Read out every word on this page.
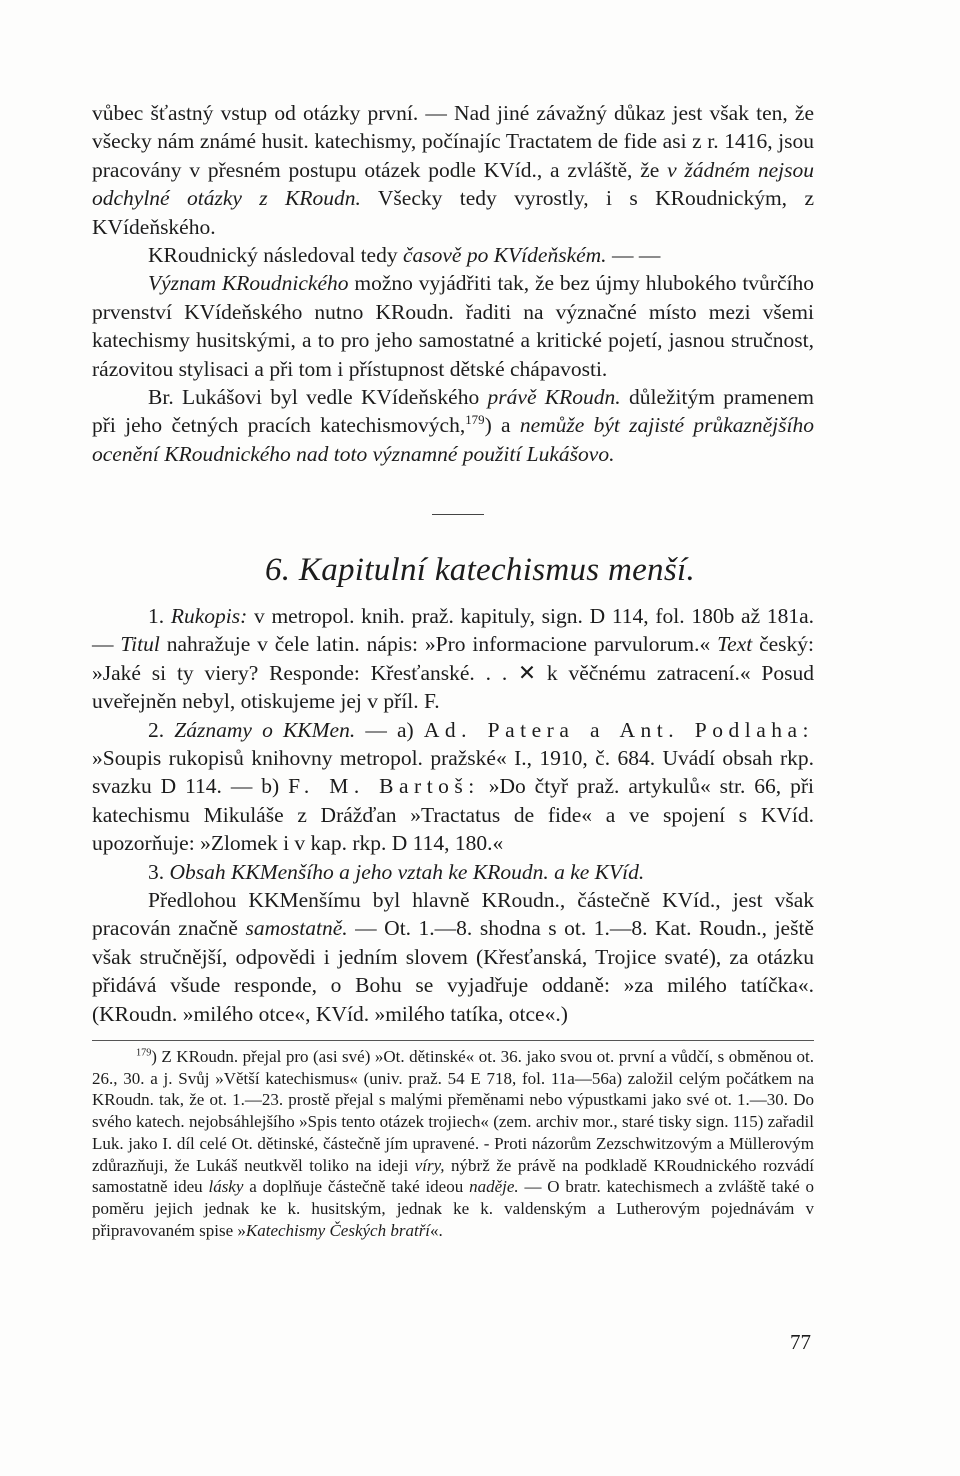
vůbec šťastný vstup od otázky první. — Nad jiné závažný důkaz jest však ten, že všecky nám známé husit. katechismy, počínajíc Tractatem de fide asi z r. 1416, jsou pracovány v přesném postupu otázek podle KVíd., a zvláště, že v žádném nejsou odchylné otázky z KRoudn. Všecky tedy vyrostly, i s KRoudnickým, z KVídeňského.

KRoudnický následoval tedy časově po KVídeňském. — —

Význam KRoudnického možno vyjádřiti tak, že bez újmy hlubokého tvůrčího prvenství KVídeňského nutno KRoudn. řaditi na význačné místo mezi všemi katechismy husitskými, a to pro jeho samostatné a kritické pojetí, jasnou stručnost, rázovitou stylisaci a při tom i přístupnost dětské chápavosti.

Br. Lukášovi byl vedle KVídeňského právě KRoudn. důležitým pramenem při jeho četných pracích katechismových,$^{179}$) a nemůže být zajisté průkaznějšího ocenění KRoudnického nad toto významné použití Lukášovo.

6. Kapitulní katechismus menší.

1. Rukopis: v metropol. knih. praž. kapituly, sign. D 114, fol. 180b až 181a. — Titul nahražuje v čele latin. nápis: »Pro informacione parvulorum.« Text český: »Jaké si ty viery? Responde: Křesťanské. . . ✕ k věčnému zatracení.« Posud uveřejněn nebyl, otiskujeme jej v příl. F.

2. Záznamy o KKMen. — a) Ad. Patera a Ant. Podlaha: »Soupis rukopisů knihovny metropol. pražské« I., 1910, č. 684. Uvádí obsah rkp. svazku D 114. — b) F. M. Bartoš: »Do čtyř praž. artykulů« str. 66, při katechismu Mikuláše z Drážďan »Tractatus de fide« a ve spojení s KVíd. upozorňuje: »Zlomek i v kap. rkp. D 114, 180.«

3. Obsah KKMenšího a jeho vztah ke KRoudn. a ke KVíd.

Předlohou KKMenšímu byl hlavně KRoudn., částečně KVíd., jest však pracován značně samostatně. — Ot. 1.—8. shodna s ot. 1.—8. Kat. Roudn., ještě však stručnější, odpovědi i jedním slovem (Křesťanská, Trojice svaté), za otázku přidává všude responde, o Bohu se vyjadřuje oddaně: »za milého tatíčka«. (KRoudn. »milého otce«, KVíd. »milého tatíka, otce«.)

$^{179}$) Z KRoudn. přejal pro (asi své) »Ot. dětinské« ot. 36. jako svou ot. první a vůdčí, s obměnou ot. 26., 30. a j. Svůj »Větší katechismus« (univ. praž. 54 E 718, fol. 11a—56a) založil celým počátkem na KRoudn. tak, že ot. 1.—23. prostě přejal s malými přeměnami nebo výpustkami jako své ot. 1.—30. Do svého katech. nejobsáhlejšího »Spis tento otázek trojiech« (zem. archiv mor., staré tisky sign. 115) zařadil Luk. jako I. díl celé Ot. dětinské, částečně jím upravené. - Proti názorům Zezschwitzovým a Müllerovým zdůrazňuji, že Lukáš neutkvěl toliko na ideji víry, nýbrž že právě na podkladě KRoudnického rozvádí samostatně ideu lásky a doplňuje částečně také ideou naděje. — O bratr. katechismech a zvláště také o poměru jejich jednak ke k. husitským, jednak ke k. valdenským a Lutherovým pojednávám v připravovaném spise »Katechismy Českých bratří«.

77
